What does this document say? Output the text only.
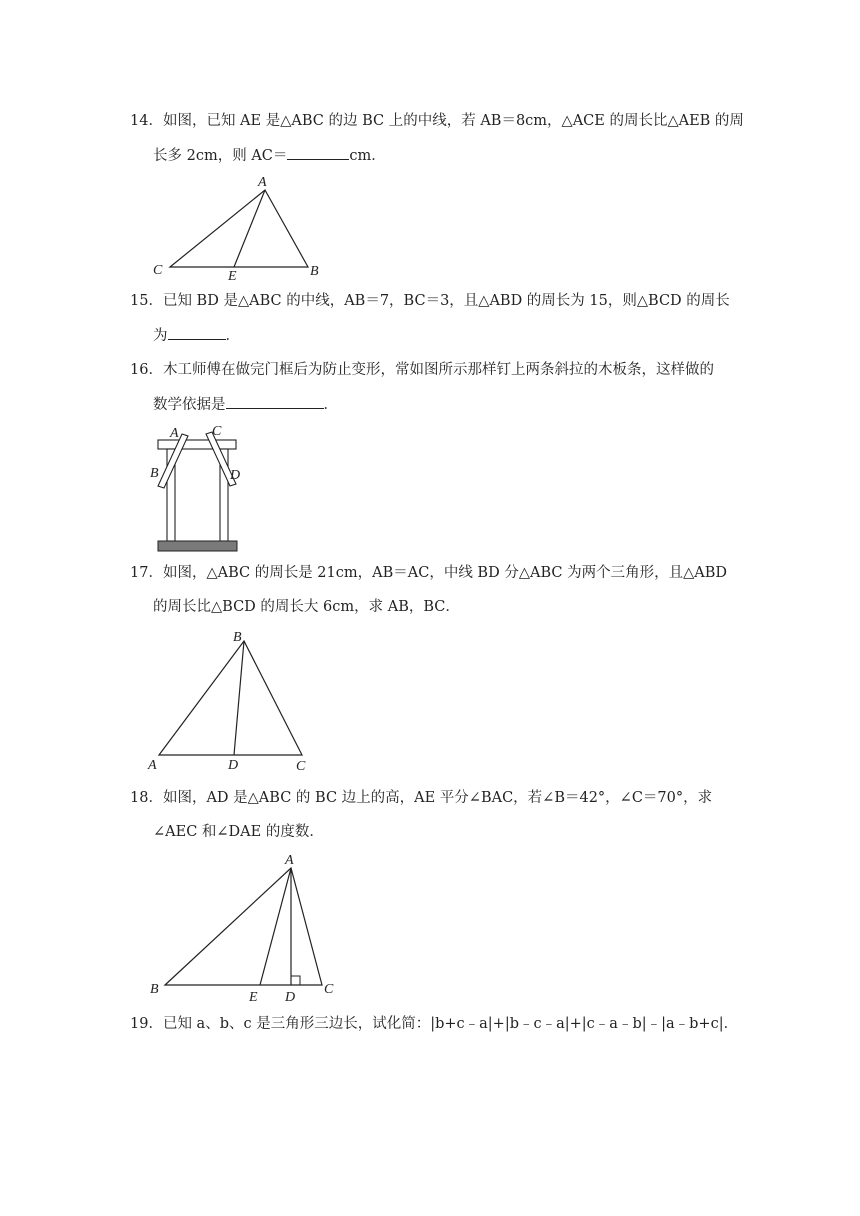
14．如图，已知 AE 是△ABC 的边 BC 上的中线，若 AB＝8cm，△ACE 的周长比△AEB 的周
长多 2cm，则 AC＝	cm．
A
C	E	B
15．已知 BD 是△ABC 的中线，AB＝7，BC＝3，且△ABD 的周长为 15，则△BCD 的周长
为	．
16．木工师傅在做完门框后为防止变形，常如图所示那样钉上两条斜拉的木板条，这样做的
数学依据是	．
A C
B	D
17．如图，△ABC 的周长是 21cm，AB＝AC，中线 BD 分△ABC 为两个三角形，且△ABD
的周长比△BCD 的周长大 6cm，求 AB，BC．
B
A	D	C
18．如图，AD 是△ABC 的 BC 边上的高，AE 平分∠BAC，若∠B＝42°，∠C＝70°，求
∠AEC 和∠DAE 的度数．
A
B
E D
C
19．已知 a、b、c 是三角形三边长，试化简：|b+c﹣a|+|b﹣c﹣a|+|c﹣a﹣b|﹣|a﹣b+c|．
